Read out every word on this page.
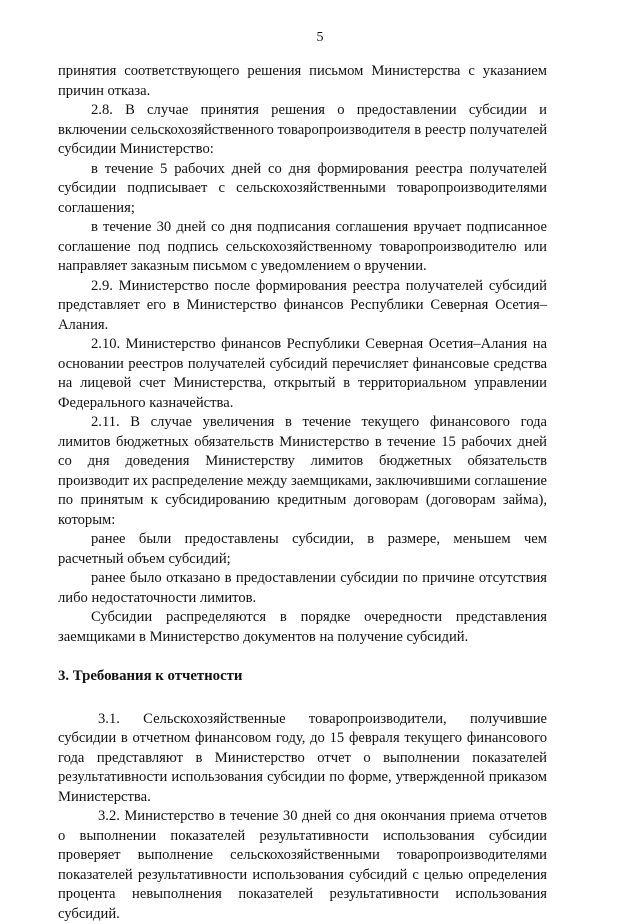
5

принятия соответствующего решения письмом Министерства с указанием причин отказа.

2.8. В случае принятия решения о предоставлении субсидии и включении сельскохозяйственного товаропроизводителя в реестр получателей субсидии Министерство:

в течение 5 рабочих дней со дня формирования реестра получателей субсидии подписывает с сельскохозяйственными товаропроизводителями соглашения;

в течение 30 дней со дня подписания соглашения вручает подписанное соглашение под подпись сельскохозяйственному товаропроизводителю или направляет заказным письмом с уведомлением о вручении.

2.9. Министерство после формирования реестра получателей субсидий представляет его в Министерство финансов Республики Северная Осетия–Алания.

2.10. Министерство финансов Республики Северная Осетия–Алания на основании реестров получателей субсидий перечисляет финансовые средства на лицевой счет Министерства, открытый в территориальном управлении Федерального казначейства.

2.11. В случае увеличения в течение текущего финансового года лимитов бюджетных обязательств Министерство в течение 15 рабочих дней со дня доведения Министерству лимитов бюджетных обязательств производит их распределение между заемщиками, заключившими соглашение по принятым к субсидированию кредитным договорам (договорам займа), которым:

ранее были предоставлены субсидии, в размере, меньшем чем расчетный объем субсидий;

ранее было отказано в предоставлении субсидии по причине отсутствия либо недостаточности лимитов.

Субсидии распределяются в порядке очередности представления заемщиками в Министерство документов на получение субсидий.

3. Требования к отчетности

3.1. Сельскохозяйственные товаропроизводители, получившие субсидии в отчетном финансовом году, до 15 февраля текущего финансового года представляют в Министерство отчет о выполнении показателей результативности использования субсидии по форме, утвержденной приказом Министерства.

3.2. Министерство в течение 30 дней со дня окончания приема отчетов о выполнении показателей результативности использования субсидии проверяет выполнение сельскохозяйственными товаропроизводителями показателей результативности использования субсидий с целью определения процента невыполнения показателей результативности использования субсидий.
